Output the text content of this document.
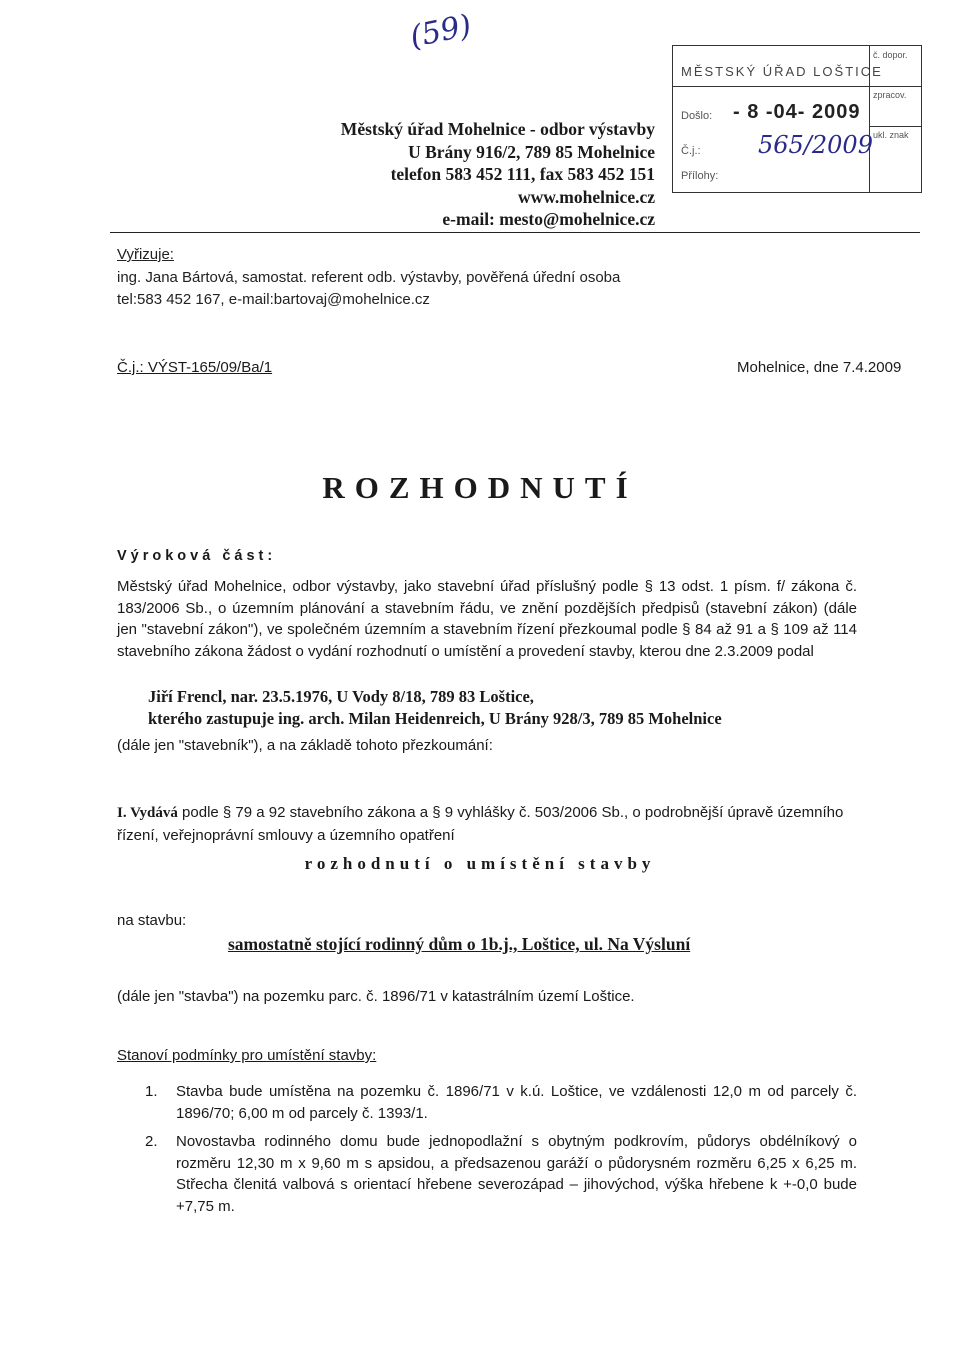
(59)
Městský úřad Mohelnice - odbor výstavby
U Brány 916/2, 789 85 Mohelnice
telefon 583 452 111, fax 583 452 151
www.mohelnice.cz
e-mail: mesto@mohelnice.cz
MĚSTSKÝ ÚŘAD LOŠTICE
č. dopor.
zpracov.
ukl. znak
Došlo: - 8 -04- 2009
Č.j.: 565/2009
Přílohy:
Vyřizuje:
ing. Jana Bártová, samostat. referent odb. výstavby, pověřená úřední osoba
tel:583 452 167, e-mail:bartovaj@mohelnice.cz
Č.j.: VÝST-165/09/Ba/1	Mohelnice, dne 7.4.2009
ROZHODNUTÍ
Výroková část:
Městský úřad Mohelnice, odbor výstavby, jako stavební úřad příslušný podle § 13 odst. 1 písm. f/ zákona č. 183/2006 Sb., o územním plánování a stavebním řádu, ve znění pozdějších předpisů (stavební zákon) (dále jen "stavební zákon"), ve společném územním a stavebním řízení přezkoumal podle § 84 až 91 a § 109 až 114 stavebního zákona žádost o vydání rozhodnutí o umístění a provedení stavby, kterou dne 2.3.2009 podal
Jiří Frencl, nar. 23.5.1976, U Vody 8/18, 789 83 Loštice,
kterého zastupuje ing. arch. Milan Heidenreich, U Brány 928/3, 789 85 Mohelnice
(dále jen "stavebník"), a na základě tohoto přezkoumání:
I. Vydává podle § 79 a 92 stavebního zákona a § 9 vyhlášky č. 503/2006 Sb., o podrobnější úpravě územního řízení, veřejnoprávní smlouvy a územního opatření
rozhodnutí o umístění stavby
na stavbu:
samostatně stojící rodinný dům o 1b.j., Loštice, ul. Na Výsluní
(dále jen "stavba") na pozemku parc. č. 1896/71 v katastrálním území Loštice.
Stanoví podmínky pro umístění stavby:
1.	Stavba bude umístěna na pozemku č. 1896/71 v k.ú. Loštice, ve vzdálenosti 12,0 m od parcely č. 1896/70; 6,00 m od parcely č. 1393/1.
2.	Novostavba rodinného domu bude jednopodlažní s obytným podkrovím, půdorys obdélníkový o rozměru 12,30 m x 9,60 m s apsidou, a předsazenou garáží o půdorysném rozměru 6,25 x 6,25 m. Střecha členitá valbová s orientací hřebene severozápad – jihovýchod, výška hřebene k +-0,0 bude +7,75 m.
